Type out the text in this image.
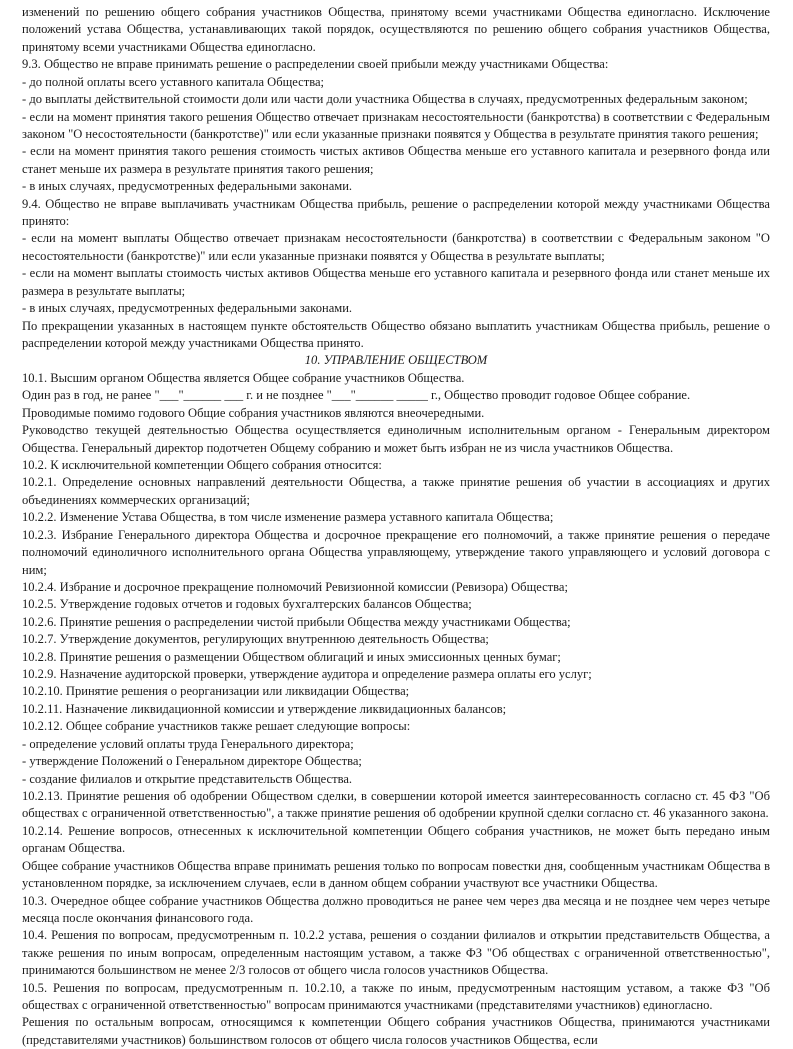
изменений по решению общего собрания участников Общества, принятому всеми участниками Общества единогласно. Исключение положений устава Общества, устанавливающих такой порядок, осуществляются по решению общего собрания участников Общества, принятому всеми участниками Общества единогласно.

9.3. Общество не вправе принимать решение о распределении своей прибыли между участниками Общества:

- до полной оплаты всего уставного капитала Общества;

- до выплаты действительной стоимости доли или части доли участника Общества в случаях, предусмотренных федеральным законом;

- если на момент принятия такого решения Общество отвечает признакам несостоятельности (банкротства) в соответствии с Федеральным законом "О несостоятельности (банкротстве)" или если указанные признаки появятся у Общества в результате принятия такого решения;

- если на момент принятия такого решения стоимость чистых активов Общества меньше его уставного капитала и резервного фонда или станет меньше их размера в результате принятия такого решения;

- в иных случаях, предусмотренных федеральными законами.

9.4. Общество не вправе выплачивать участникам Общества прибыль, решение о распределении которой между участниками Общества принято:

- если на момент выплаты Общество отвечает признакам несостоятельности (банкротства) в соответствии с Федеральным законом "О несостоятельности (банкротстве)" или если указанные признаки появятся у Общества в результате выплаты;

- если на момент выплаты стоимость чистых активов Общества меньше его уставного капитала и резервного фонда или станет меньше их размера в результате выплаты;

- в иных случаях, предусмотренных федеральными законами.

По прекращении указанных в настоящем пункте обстоятельств Общество обязано выплатить участникам Общества прибыль, решение о распределении которой между участниками Общества принято.

10. УПРАВЛЕНИЕ ОБЩЕСТВОМ

10.1. Высшим органом Общества является Общее собрание участников Общества.

Один раз в год, не ранее "___"______ ___ г. и не позднее "___"______ _____ г., Общество проводит годовое Общее собрание.

Проводимые помимо годового Общие собрания участников являются внеочередными.

Руководство текущей деятельностью Общества осуществляется единоличным исполнительным органом - Генеральным директором Общества. Генеральный директор подотчетен Общему собранию и может быть избран не из числа участников Общества.

10.2. К исключительной компетенции Общего собрания относится:

10.2.1. Определение основных направлений деятельности Общества, а также принятие решения об участии в ассоциациях и других объединениях коммерческих организаций;

10.2.2. Изменение Устава Общества, в том числе изменение размера уставного капитала Общества;

10.2.3. Избрание Генерального директора Общества и досрочное прекращение его полномочий, а также принятие решения о передаче полномочий единоличного исполнительного органа Общества управляющему, утверждение такого управляющего и условий договора с ним;

10.2.4. Избрание и досрочное прекращение полномочий Ревизионной комиссии (Ревизора) Общества;

10.2.5. Утверждение годовых отчетов и годовых бухгалтерских балансов Общества;

10.2.6. Принятие решения о распределении чистой прибыли Общества между участниками Общества;

10.2.7. Утверждение документов, регулирующих внутреннюю деятельность Общества;

10.2.8. Принятие решения о размещении Обществом облигаций и иных эмиссионных ценных бумаг;

10.2.9. Назначение аудиторской проверки, утверждение аудитора и определение размера оплаты его услуг;

10.2.10. Принятие решения о реорганизации или ликвидации Общества;

10.2.11. Назначение ликвидационной комиссии и утверждение ликвидационных балансов;

10.2.12. Общее собрание участников также решает следующие вопросы:

- определение условий оплаты труда Генерального директора;

- утверждение Положений о Генеральном директоре Общества;

- создание филиалов и открытие представительств Общества.

10.2.13. Принятие решения об одобрении Обществом сделки, в совершении которой имеется заинтересованность согласно ст. 45 ФЗ "Об обществах с ограниченной ответственностью", а также принятие решения об одобрении крупной сделки согласно ст. 46 указанного закона.

10.2.14. Решение вопросов, отнесенных к исключительной компетенции Общего собрания участников, не может быть передано иным органам Общества.

Общее собрание участников Общества вправе принимать решения только по вопросам повестки дня, сообщенным участникам Общества в установленном порядке, за исключением случаев, если в данном общем собрании участвуют все участники Общества.

10.3. Очередное общее собрание участников Общества должно проводиться не ранее чем через два месяца и не позднее чем через четыре месяца после окончания финансового года.

10.4. Решения по вопросам, предусмотренным п. 10.2.2 устава, решения о создании филиалов и открытии представительств Общества, а также решения по иным вопросам, определенным настоящим уставом, а также ФЗ "Об обществах с ограниченной ответственностью", принимаются большинством не менее 2/3 голосов от общего числа голосов участников Общества.

10.5. Решения по вопросам, предусмотренным п. 10.2.10, а также по иным, предусмотренным настоящим уставом, а также ФЗ "Об обществах с ограниченной ответственностью" вопросам принимаются участниками (представителями участников) единогласно.

Решения по остальным вопросам, относящимся к компетенции Общего собрания участников Общества, принимаются участниками (представителями участников) большинством голосов от общего числа голосов участников Общества, если
